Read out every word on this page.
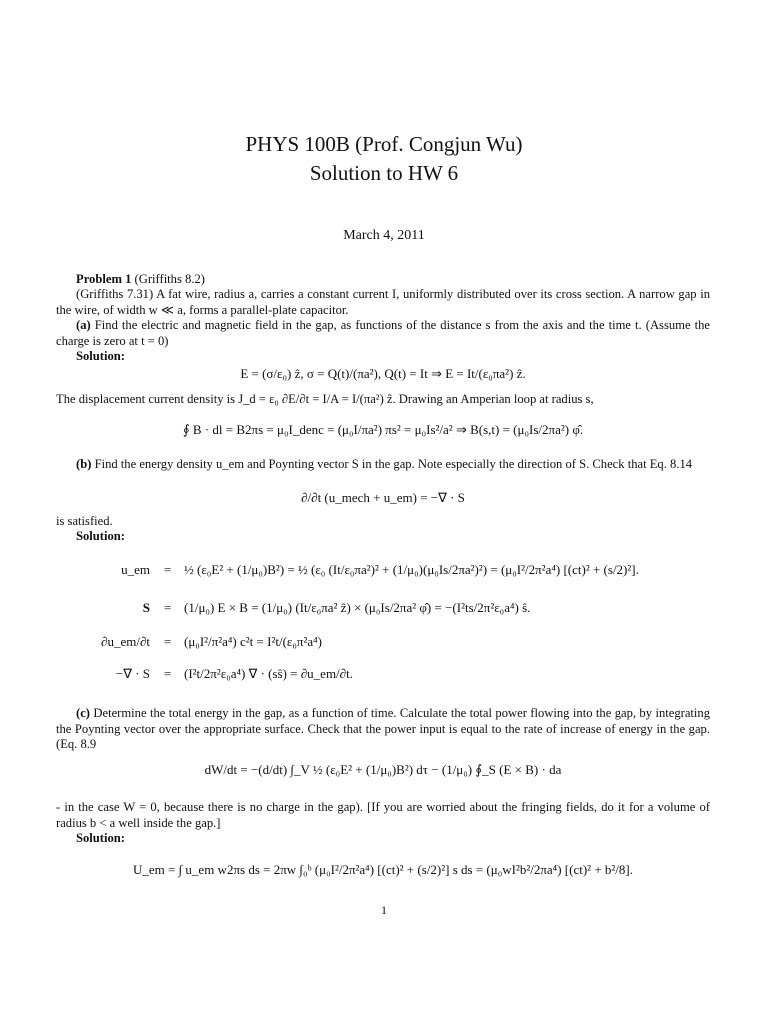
PHYS 100B (Prof. Congjun Wu)
Solution to HW 6
March 4, 2011
Problem 1 (Griffiths 8.2)
(Griffiths 7.31) A fat wire, radius a, carries a constant current I, uniformly distributed over its cross section. A narrow gap in the wire, of width w ≪ a, forms a parallel-plate capacitor.
(a) Find the electric and magnetic field in the gap, as functions of the distance s from the axis and the time t. (Assume the charge is zero at t = 0)
Solution:
E = (σ/ε₀) ẑ, σ = Q(t)/(πa²), Q(t) = It ⇒ E = It/(ε₀πa²) ẑ.
The displacement current density is J_d = ε₀ ∂E/∂t = I/A = I/(πa²) ẑ. Drawing an Amperian loop at radius s,
∮ B · dl = B2πs = μ₀I_denc = (μ₀I/πa²) πs² = μ₀Is²/a² ⇒ B(s,t) = (μ₀Is/2πa²) φ̂.
(b) Find the energy density u_em and Poynting vector S in the gap. Note especially the direction of S. Check that Eq. 8.14
∂/∂t (u_mech + u_em) = −∇ · S
is satisfied.
Solution:
u_em = ½ (ε₀E² + (1/μ₀)B²) = ½ (ε₀ (It/ε₀πa²)² + (1/μ₀)(μ₀Is/2πa²)²) = (μ₀I²/2π²a⁴) [(ct)² + (s/2)²].
S = (1/μ₀) E × B = (1/μ₀) (It/ε₀πa² ẑ) × (μ₀Is/2πa² φ̂) = −(I²ts/2π²ε₀a⁴) ŝ.
∂u_em/∂t = (μ₀I²/π²a⁴) c²t = I²t/(ε₀π²a⁴)
−∇ · S = (I²t/2π²ε₀a⁴) ∇ · (sŝ) = ∂u_em/∂t.
(c) Determine the total energy in the gap, as a function of time. Calculate the total power flowing into the gap, by integrating the Poynting vector over the appropriate surface. Check that the power input is equal to the rate of increase of energy in the gap. (Eq. 8.9
dW/dt = −(d/dt) ∫_V ½ (ε₀E² + (1/μ₀)B²) dτ − (1/μ₀) ∮_S (E × B) · da
- in the case W = 0, because there is no charge in the gap). [If you are worried about the fringing fields, do it for a volume of radius b < a well inside the gap.]
Solution:
U_em = ∫ u_em w2πs ds = 2πw ∫₀ᵇ (μ₀I²/2π²a⁴) [(ct)² + (s/2)²] s ds = (μ₀wI²b²/2πa⁴) [(ct)² + b²/8].
1
